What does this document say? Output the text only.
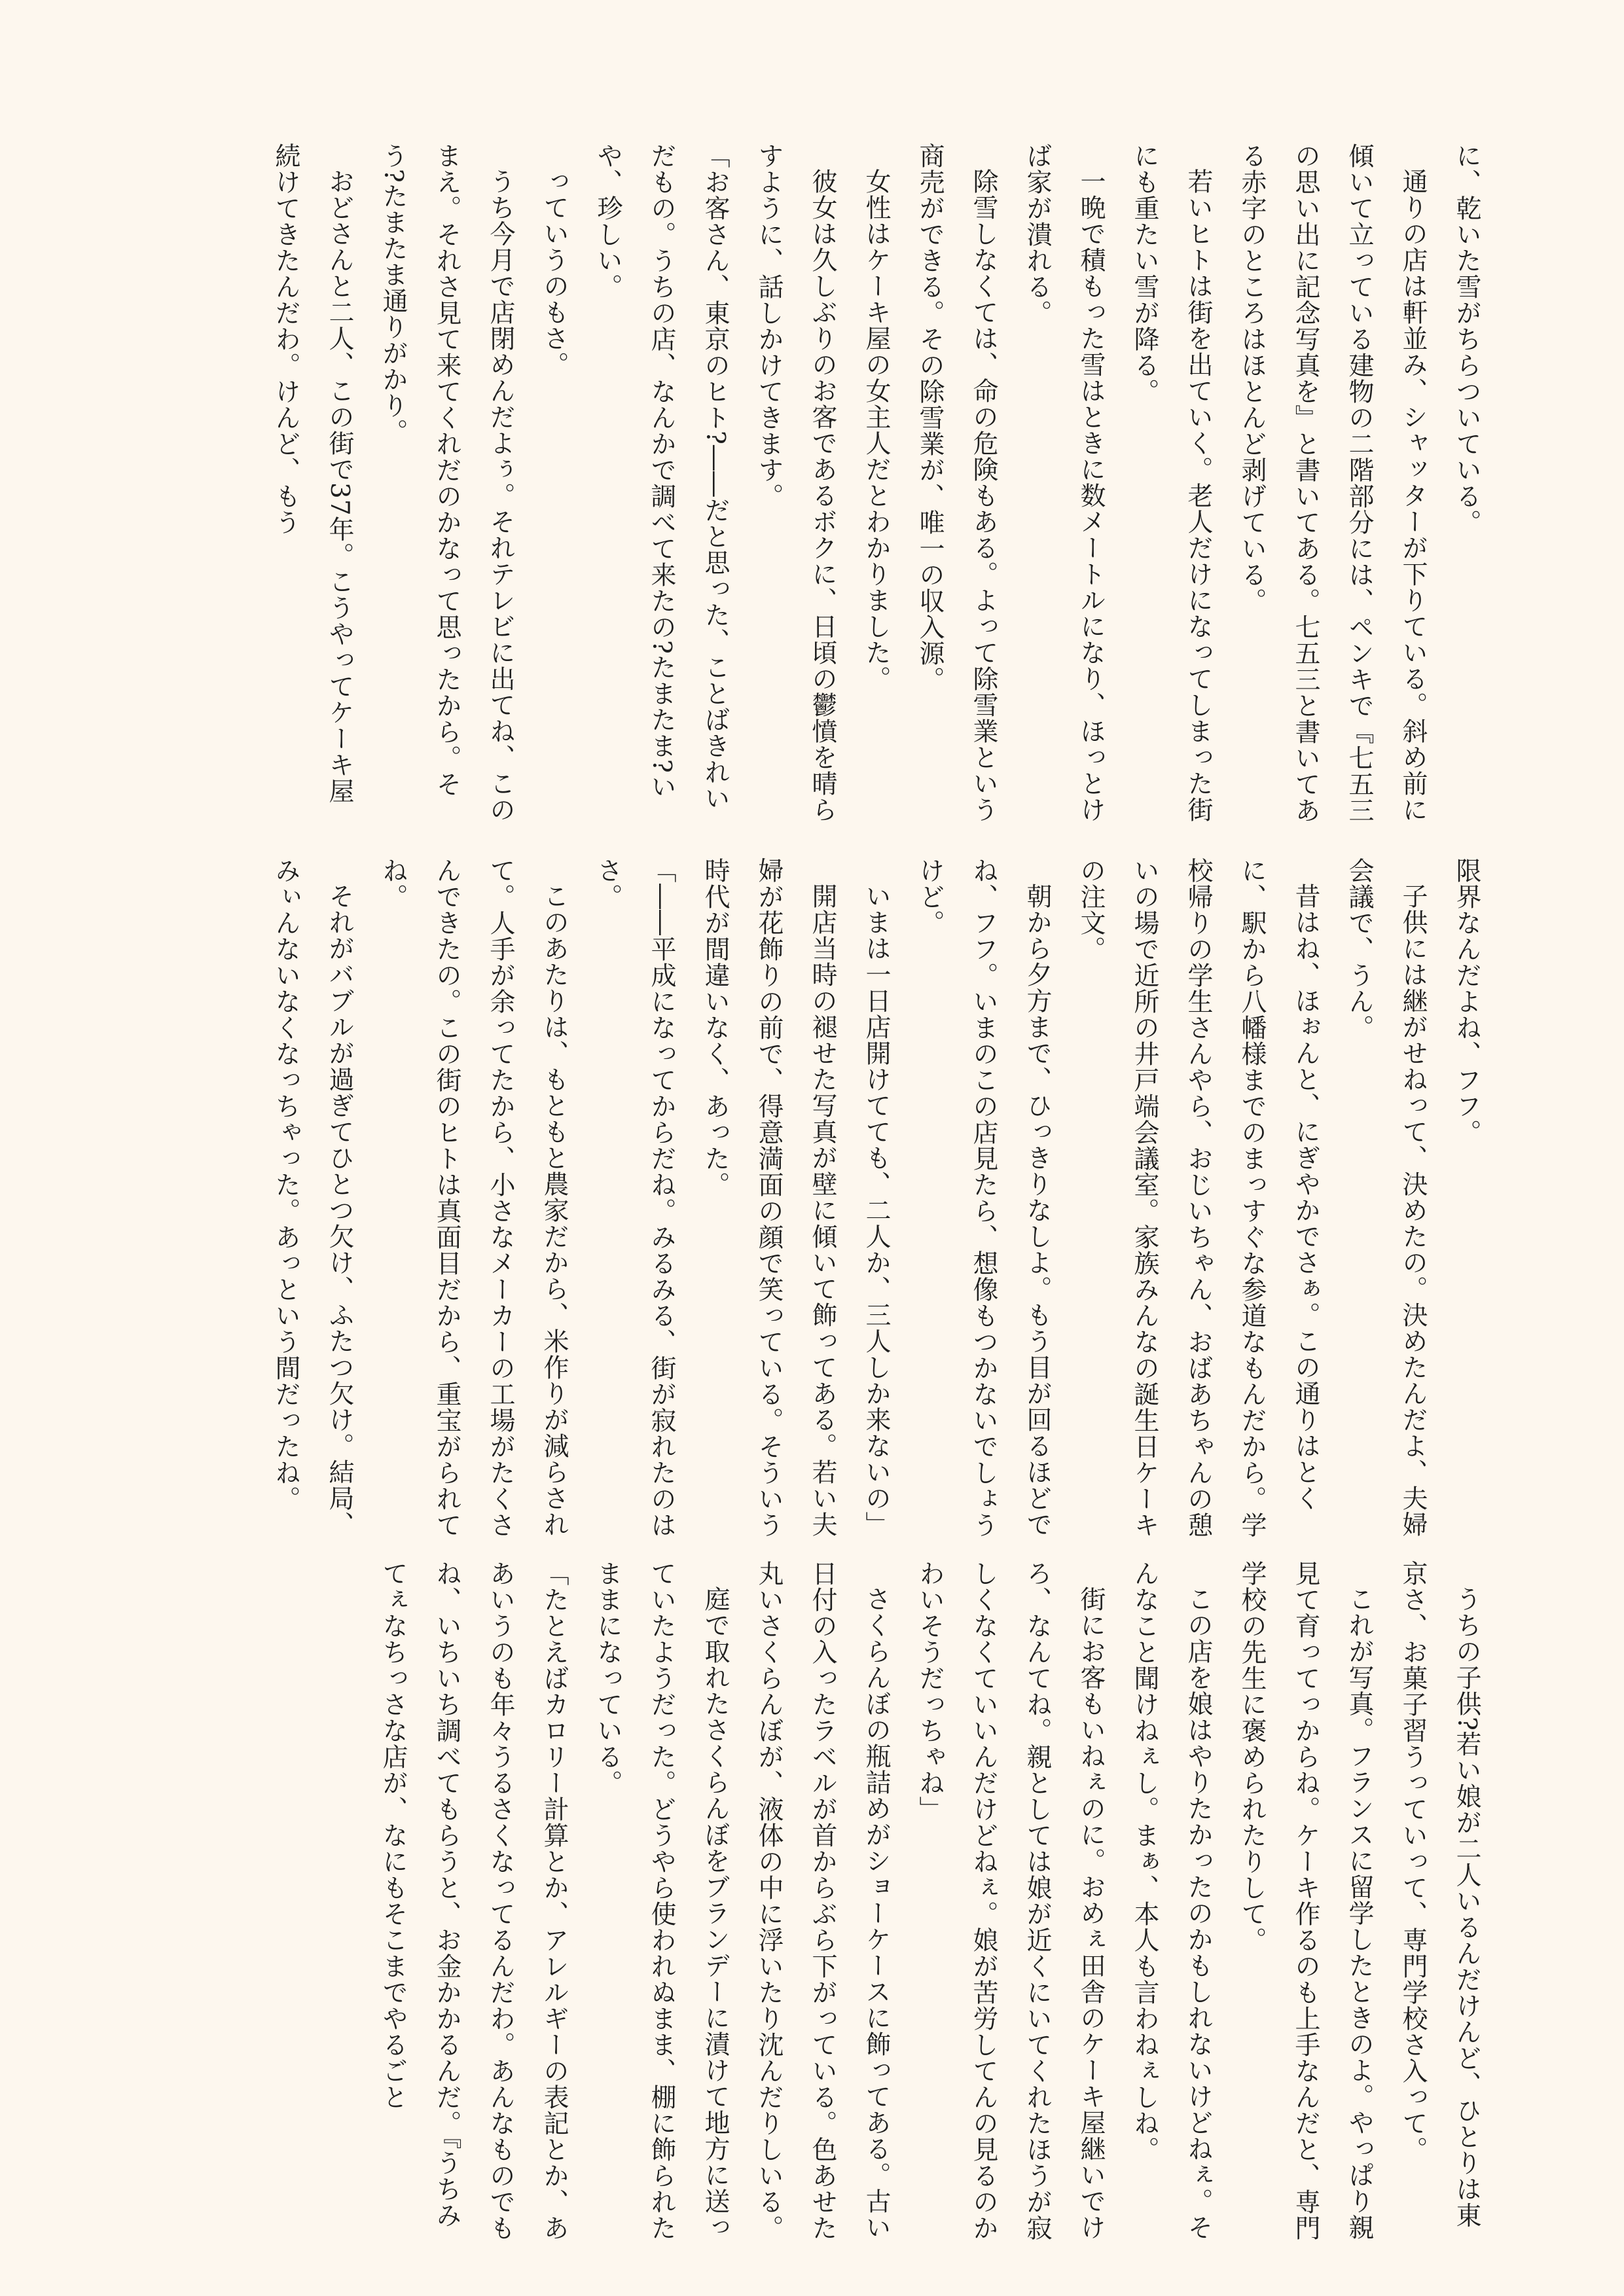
に、乾いた雪がちらついている。

通りの店は軒並み、シャッターが下りている。斜め前に傾いて立っている建物の二階部分には、ペンキで『七五三の思い出に記念写真を』と書いてある。七五三と書いてある赤字のところはほとんど剥げている。

若いヒトは街を出ていく。老人だけになってしまった街にも重たい雪が降る。

一晩で積もった雪はときに数メートルになり、ほっとけば家が潰れる。

除雪しなくては、命の危険もある。よって除雪業という商売ができる。その除雪業が、唯一の収入源。

女性はケーキ屋の女主人だとわかりました。

彼女は久しぶりのお客であるボクに、日頃の鬱憤を晴らすように、話しかけてきます。

「お客さん、東京のヒト?――だと思った、ことばきれいだもの。うちの店、なんかで調べて来たの?たまたま?いや、珍しい。

っていうのもさ。

うち今月で店閉めんだよぅ。それテレビに出てね、このまえ。それさ見て来てくれだのかなって思ったから。そう?たまたま通りがかり。

おどさんと二人、この街で37年。こうやってケーキ屋続けてきたんだわ。けんど、もう

限界なんだよね、フフ。

子供には継がせねって、決めたの。決めたんだよ、夫婦会議で、うん。

昔はね、ほぉんと、にぎやかでさぁ。この通りはとくに、駅から八幡様までのまっすぐな参道なもんだから。学校帰りの学生さんやら、おじいちゃん、おばあちゃんの憩いの場で近所の井戸端会議室。家族みんなの誕生日ケーキの注文。

朝から夕方まで、ひっきりなしよ。もう目が回るほどでね、フフ。いまのこの店見たら、想像もつかないでしょうけど。

いまは一日店開けてても、二人か、三人しか来ないの」

開店当時の褪せた写真が壁に傾いて飾ってある。若い夫婦が花飾りの前で、得意満面の顔で笑っている。そういう時代が間違いなく、あった。

「――平成になってからだね。みるみる、街が寂れたのはさ。

このあたりは、もともと農家だから、米作りが減らされて。人手が余ってたから、小さなメーカーの工場がたくさんできたの。この街のヒトは真面目だから、重宝がられてね。

それがバブルが過ぎてひとつ欠け、ふたつ欠け。結局、みぃんないなくなっちゃった。あっという間だったね。

うちの子供?若い娘が二人いるんだけんど、ひとりは東京さ、お菓子習うっていって、専門学校さ入って。

これが写真。フランスに留学したときのよ。やっぱり親見て育ってっからね。ケーキ作るのも上手なんだと、専門学校の先生に褒められたりして。

この店を娘はやりたかったのかもしれないけどねぇ。そんなこと聞けねぇし。まぁ、本人も言わねぇしね。

街にお客もいねぇのに。おめぇ田舎のケーキ屋継いでけろ、なんてね。親としては娘が近くにいてくれたほうが寂しくなくていいんだけどねぇ。娘が苦労してんの見るのかわいそうだっちゃね」

さくらんぼの瓶詰めがショーケースに飾ってある。古い日付の入ったラベルが首からぶら下がっている。色あせた丸いさくらんぼが、液体の中に浮いたり沈んだりしいる。

庭で取れたさくらんぼをブランデーに漬けて地方に送っていたようだった。どうやら使われぬまま、棚に飾られたままになっている。

「たとえばカロリー計算とか、アレルギーの表記とか、ああいうのも年々うるさくなってるんだわ。あんなものでもね、いちいち調べてもらうと、お金かかるんだ。『うちみてぇなちっさな店が、なにもそこまでやるごと
